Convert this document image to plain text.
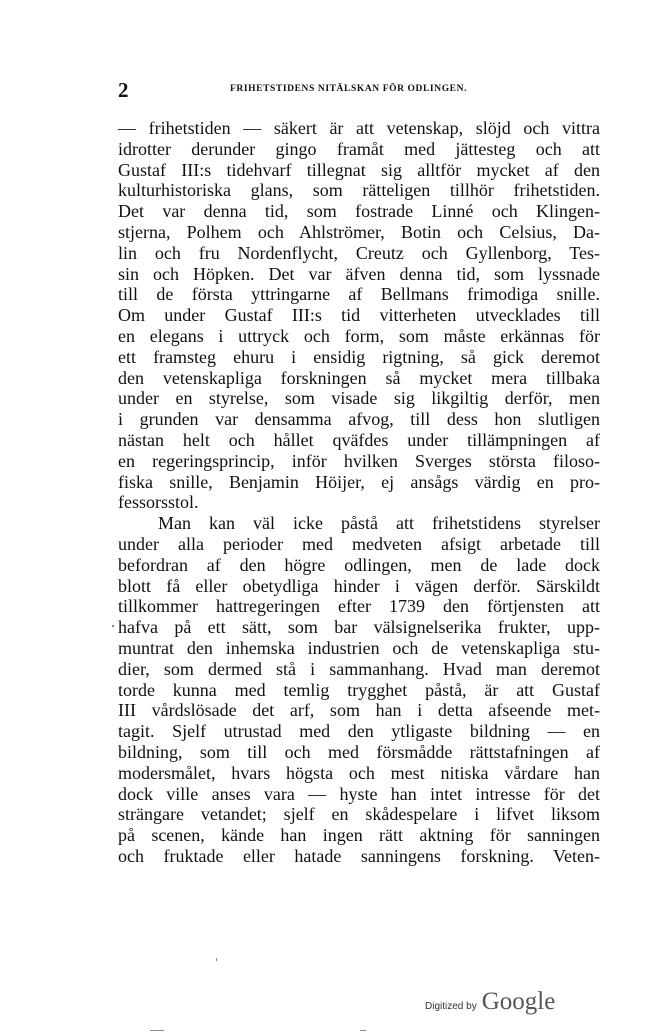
2	FRIHETSTIDENS NITÄLSKAN FÖR ODLINGEN.
— frihetstiden — säkert är att vetenskap, slöjd och vittra
idrotter derunder gingo framåt med jättesteg och att
Gustaf III:s tidehvarf tillegnat sig alltför mycket af den
kulturhistoriska glans, som rätteligen tillhör frihetstiden.
Det var denna tid, som fostrade Linné och Klingen-
stjerna, Polhem och Ahlströmer, Botin och Celsius, Da-
lin och fru Nordenflycht, Creutz och Gyllenborg, Tes-
sin och Höpken. Det var äfven denna tid, som lyssnade
till de första yttringarne af Bellmans frimodiga snille.
Om under Gustaf III:s tid vitterheten utvecklades till
en elegans i uttryck och form, som måste erkännas för
ett framsteg ehuru i ensidig rigtning, så gick deremot
den vetenskapliga forskningen så mycket mera tillbaka
under en styrelse, som visade sig likgiltig derför, men
i grunden var densamma afvog, till dess hon slutligen
nästan helt och hållet qväfdes under tillämpningen af
en regeringsprincip, inför hvilken Sverges största filoso-
fiska snille, Benjamin Höijer, ej ansågs värdig en pro-
fessorsstol.
Man kan väl icke påstå att frihetstidens styrelser
under alla perioder med medveten afsigt arbetade till
befordran af den högre odlingen, men de lade dock
blott få eller obetydliga hinder i vägen derför. Särskildt
tillkommer hattregeringen efter 1739 den förtjensten att
hafva på ett sätt, som bar välsignelserika frukter, upp-
muntrat den inhemska industrien och de vetenskapliga stu-
dier, som dermed stå i sammanhang. Hvad man deremot
torde kunna med temlig trygghet påstå, är att Gustaf
III vårdslösade det arf, som han i detta afseende met-
tagit. Sjelf utrustad med den ytligaste bildning — en
bildning, som till och med försmådde rättstafningen af
modersmålet, hvars högsta och mest nitiska vårdare han
dock ville anses vara — hyste han intet intresse för det
strängare vetandet; sjelf en skådespelare i lifvet liksom
på scenen, kände han ingen rätt aktning för sanningen
och fruktade eller hatade sanningens forskning. Veten-
Digitized by Google
